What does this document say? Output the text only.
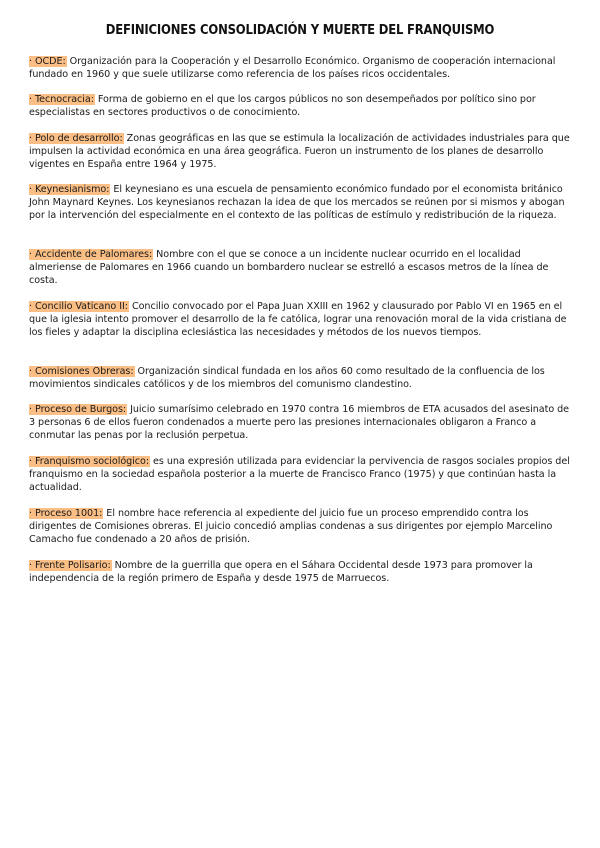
DEFINICIONES CONSOLIDACIÓN Y MUERTE DEL FRANQUISMO

· OCDE: Organización para la Cooperación y el Desarrollo Económico. Organismo de cooperación internacional fundado en 1960 y que suele utilizarse como referencia de los países ricos occidentales.

· Tecnocracia: Forma de gobierno en el que los cargos públicos no son desempeñados por político sino por especialistas en sectores productivos o de conocimiento.

· Polo de desarrollo: Zonas geográficas en las que se estimula la localización de actividades industriales para que impulsen la actividad económica en una área geográfica. Fueron un instrumento de los planes de desarrollo vigentes en España entre 1964 y 1975.

· Keynesianismo: El keynesiano es una escuela de pensamiento económico fundado por el economista británico John Maynard Keynes. Los keynesianos rechazan la idea de que los mercados se reúnen por si mismos y abogan por la intervención del especialmente en el contexto de las políticas de estímulo y redistribución de la riqueza.

· Accidente de Palomares: Nombre con el que se conoce a un incidente nuclear ocurrido en el localidad almeriense de Palomares en 1966 cuando un bombardero nuclear se estrelló a escasos metros de la línea de costa.

· Concilio Vaticano II: Concilio convocado por el Papa Juan XXIII en 1962 y clausurado por Pablo VI en 1965 en el que la iglesia intento promover el desarrollo de la fe católica, lograr una renovación moral de la vida cristiana de los fieles y adaptar la disciplina eclesiástica las necesidades y métodos de los nuevos tiempos.

· Comisiones Obreras: Organización sindical fundada en los años 60 como resultado de la confluencia de los movimientos sindicales católicos y de los miembros del comunismo clandestino.

· Proceso de Burgos: Juicio sumarísimo celebrado en 1970 contra 16 miembros de ETA acusados del asesinato de 3 personas 6 de ellos fueron condenados a muerte pero las presiones internacionales obligaron a Franco a conmutar las penas por la reclusión perpetua.

· Franquismo sociológico: es una expresión utilizada para evidenciar la pervivencia de rasgos sociales propios del franquismo en la sociedad española posterior a la muerte de Francisco Franco (1975) y que continúan hasta la actualidad.

· Proceso 1001: El nombre hace referencia al expediente del juicio fue un proceso emprendido contra los dirigentes de Comisiones obreras. El juicio concedió amplias condenas a sus dirigentes por ejemplo Marcelino Camacho fue condenado a 20 años de prisión.

· Frente Polisario: Nombre de la guerrilla que opera en el Sáhara Occidental desde 1973 para promover la independencia de la región primero de España y desde 1975 de Marruecos.
